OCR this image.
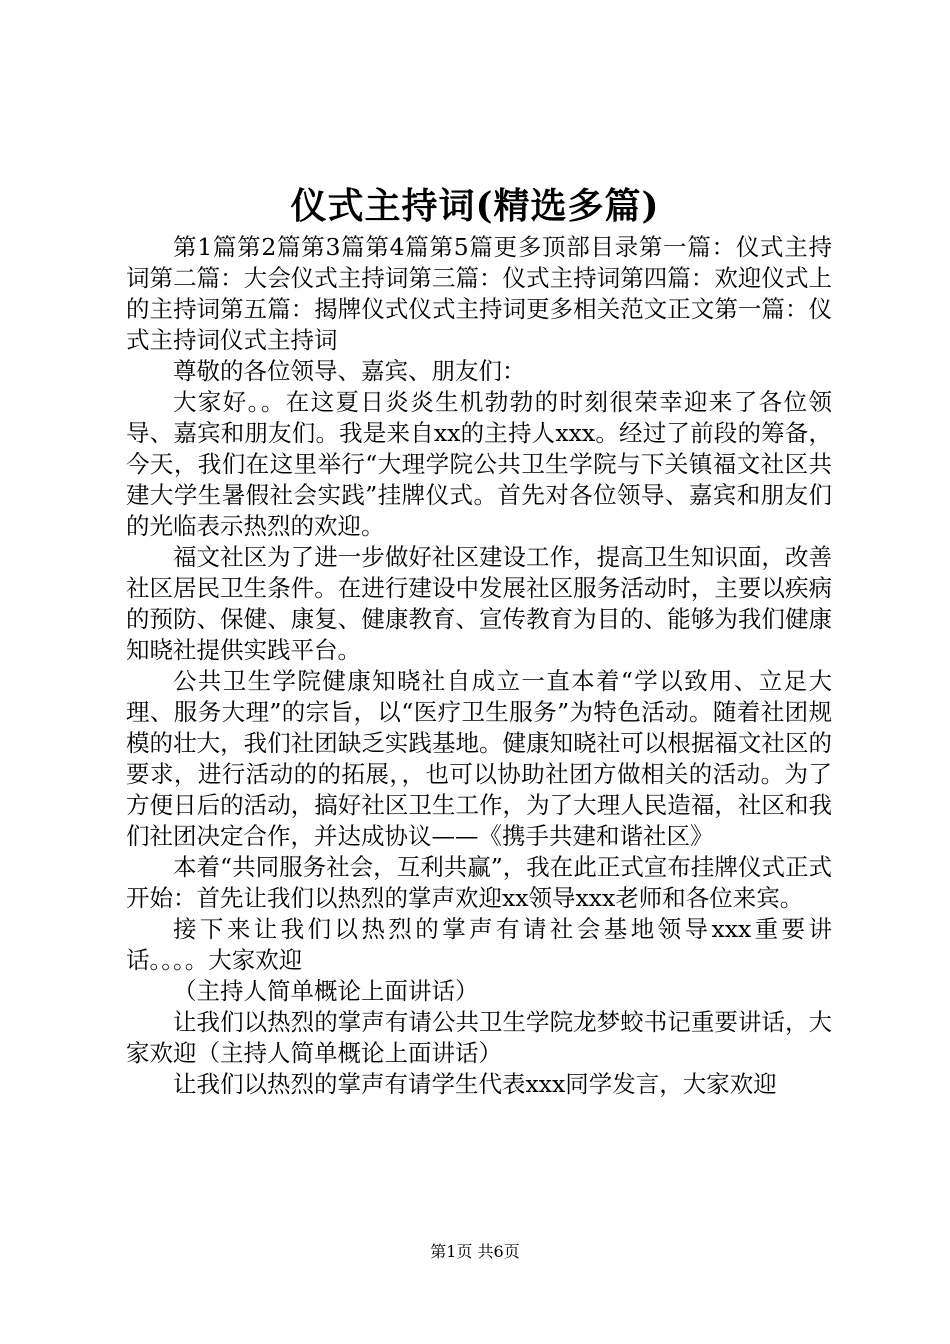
仪式主持词(精选多篇)

第1篇第2篇第3篇第4篇第5篇更多顶部目录第一篇：仪式主持词第二篇：大会仪式主持词第三篇：仪式主持词第四篇：欢迎仪式上的主持词第五篇：揭牌仪式仪式主持词更多相关范文正文第一篇：仪式主持词仪式主持词

尊敬的各位领导、嘉宾、朋友们：

大家好。。在这夏日炎炎生机勃勃的时刻很荣幸迎来了各位领导、嘉宾和朋友们。我是来自xx的主持人xxx。经过了前段的筹备，今天，我们在这里举行“大理学院公共卫生学院与下关镇福文社区共建大学生暑假社会实践”挂牌仪式。首先对各位领导、嘉宾和朋友们的光临表示热烈的欢迎。

福文社区为了进一步做好社区建设工作，提高卫生知识面，改善社区居民卫生条件。在进行建设中发展社区服务活动时，主要以疾病的预防、保健、康复、健康教育、宣传教育为目的、能够为我们健康知晓社提供实践平台。

公共卫生学院健康知晓社自成立一直本着“学以致用、立足大理、服务大理”的宗旨，以“医疗卫生服务”为特色活动。随着社团规模的壮大，我们社团缺乏实践基地。健康知晓社可以根据福文社区的要求，进行活动的的拓展，，也可以协助社团方做相关的活动。为了方便日后的活动，搞好社区卫生工作，为了大理人民造福，社区和我们社团决定合作，并达成协议——《携手共建和谐社区》

本着“共同服务社会，互利共赢”，我在此正式宣布挂牌仪式正式开始：首先让我们以热烈的掌声欢迎xx领导xxx老师和各位来宾。

接下来让我们以热烈的掌声有请社会基地领导xxx重要讲话。。。。大家欢迎

（主持人简单概论上面讲话）

让我们以热烈的掌声有请公共卫生学院龙梦蛟书记重要讲话，大家欢迎（主持人简单概论上面讲话）

让我们以热烈的掌声有请学生代表xxx同学发言，大家欢迎

第1页 共6页
